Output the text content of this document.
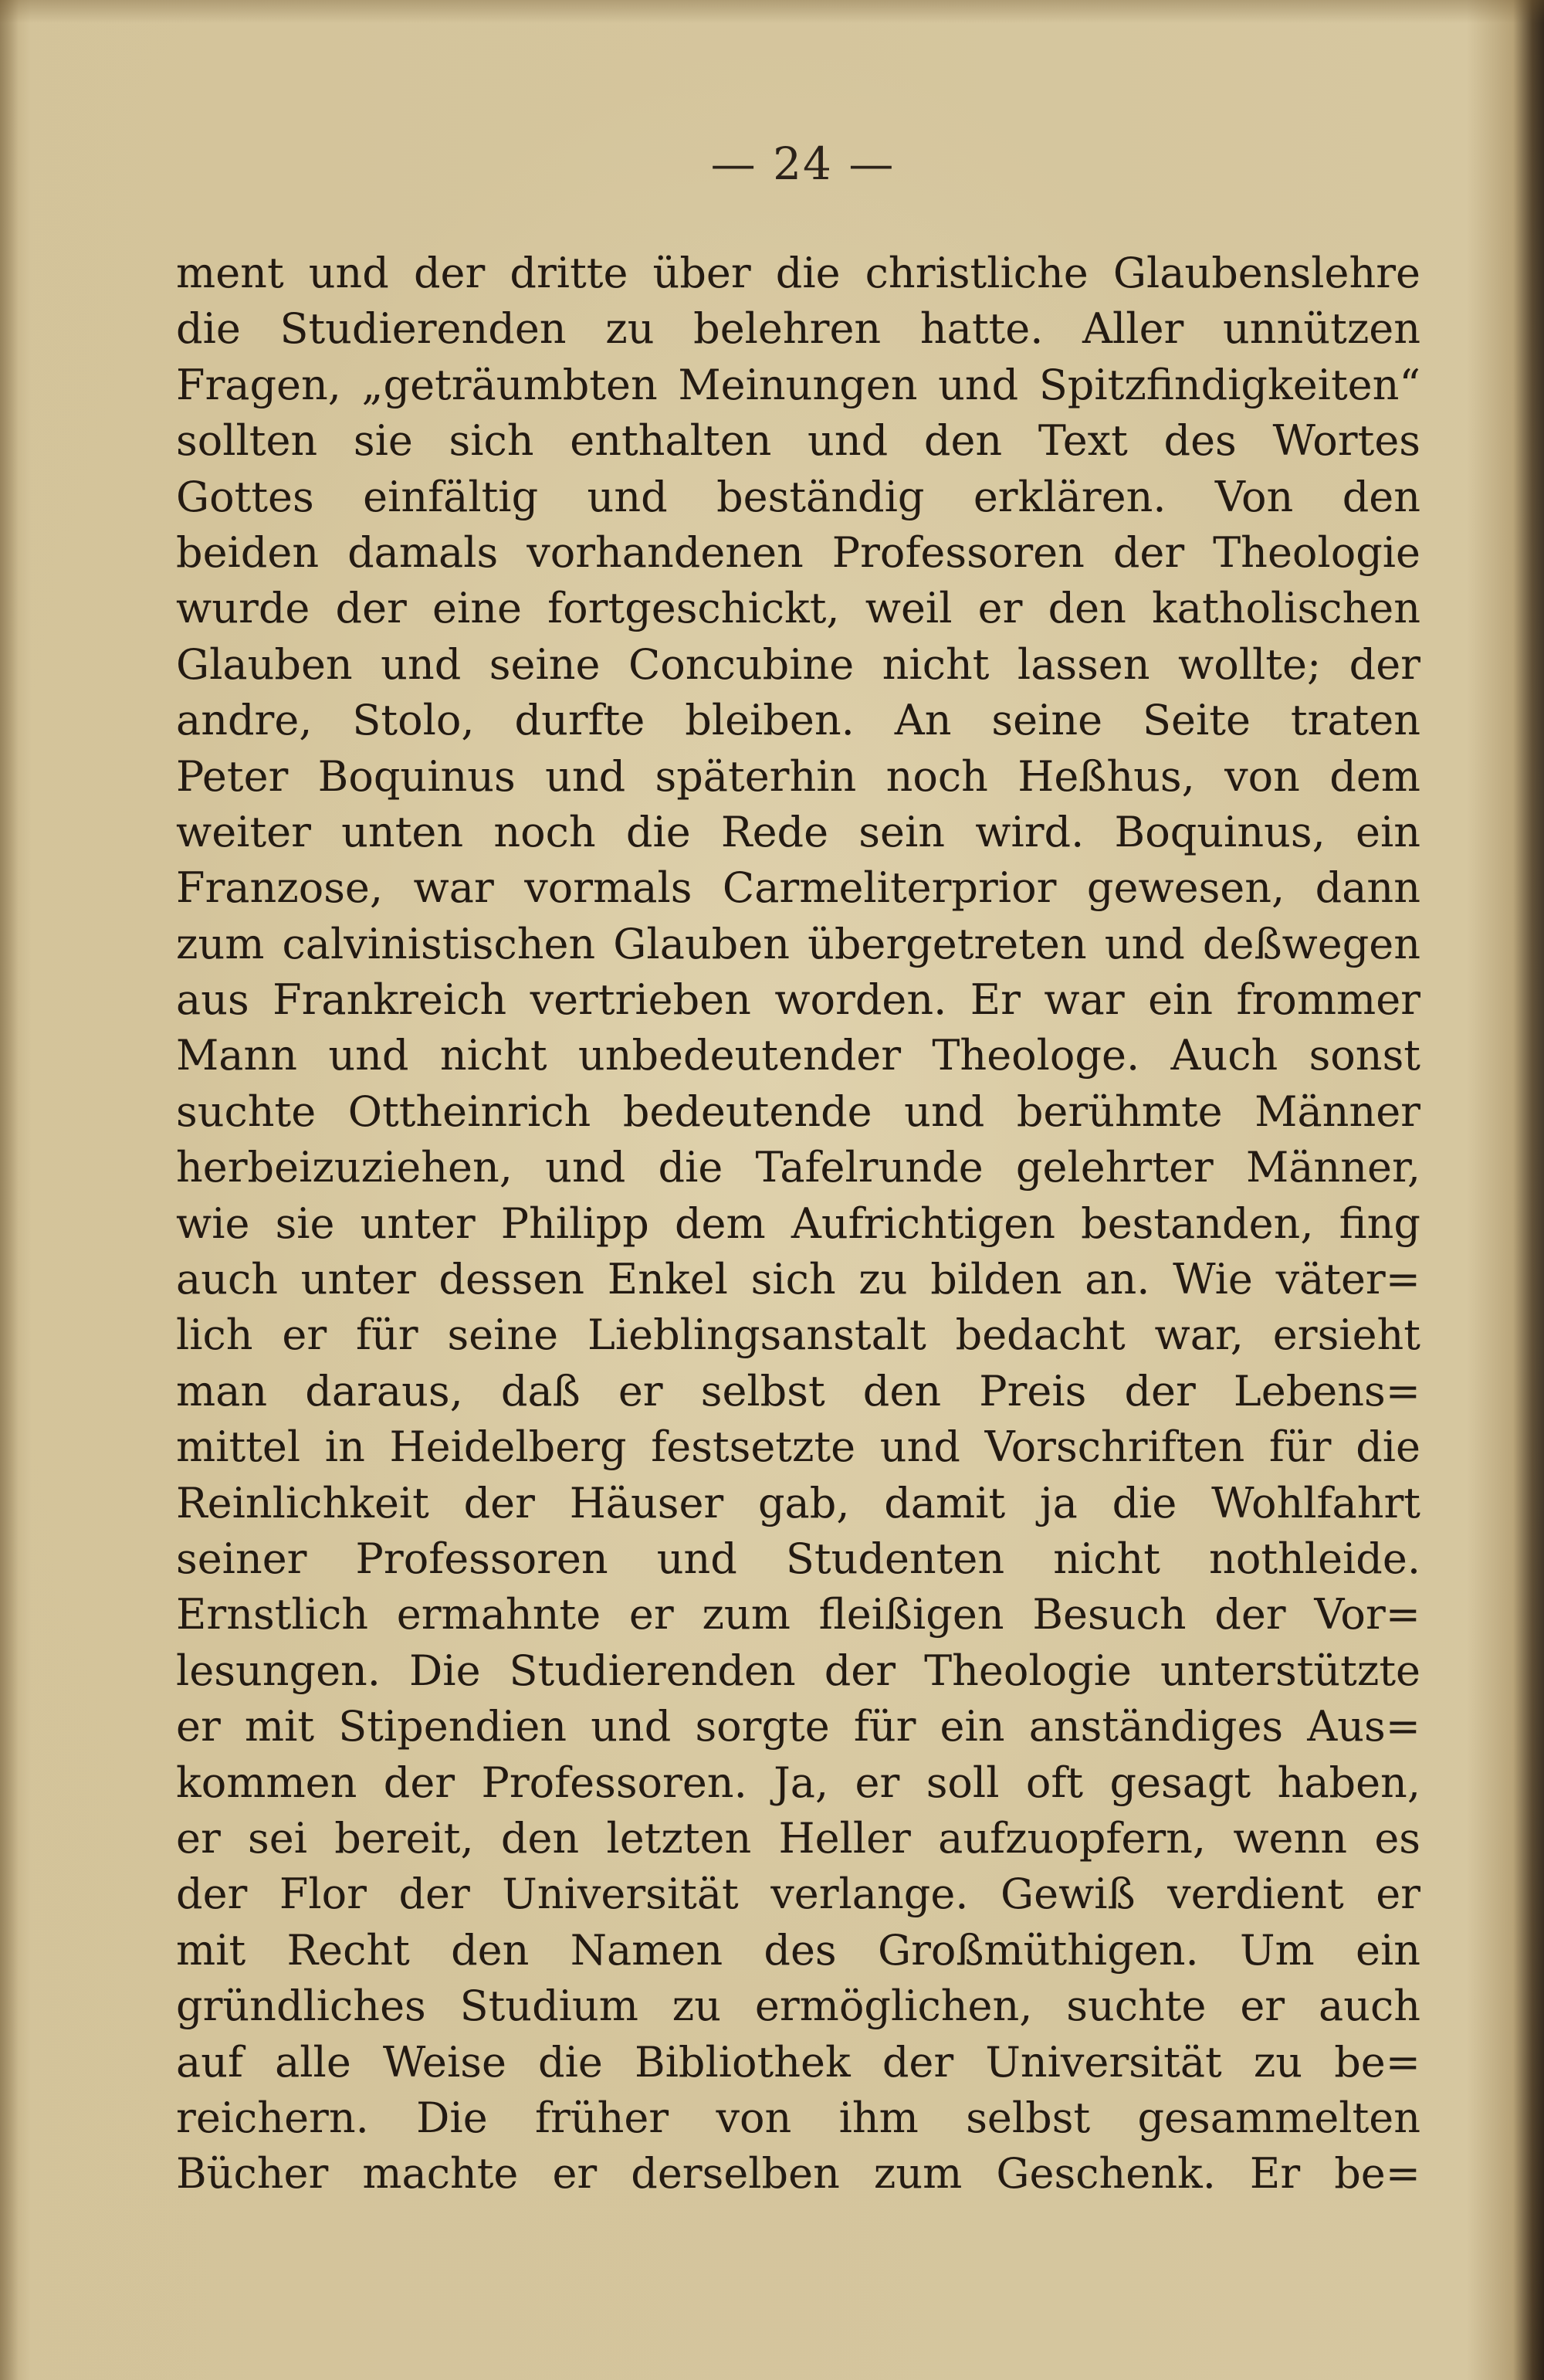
— 24 —
ment und der dritte über die christliche Glaubenslehre
die Studierenden zu belehren hatte. Aller unnützen
Fragen, „geträumbten Meinungen und Spitzfindigkeiten“
sollten sie sich enthalten und den Text des Wortes
Gottes einfältig und beständig erklären. Von den
beiden damals vorhandenen Professoren der Theologie
wurde der eine fortgeschickt, weil er den katholischen
Glauben und seine Concubine nicht lassen wollte; der
andre, Stolo, durfte bleiben. An seine Seite traten
Peter Boquinus und späterhin noch Heßhus, von dem
weiter unten noch die Rede sein wird. Boquinus, ein
Franzose, war vormals Carmeliterprior gewesen, dann
zum calvinistischen Glauben übergetreten und deßwegen
aus Frankreich vertrieben worden. Er war ein frommer
Mann und nicht unbedeutender Theologe. Auch sonst
suchte Ottheinrich bedeutende und berühmte Männer
herbeizuziehen, und die Tafelrunde gelehrter Männer,
wie sie unter Philipp dem Aufrichtigen bestanden, fing
auch unter dessen Enkel sich zu bilden an. Wie väter=
lich er für seine Lieblingsanstalt bedacht war, ersieht
man daraus, daß er selbst den Preis der Lebens=
mittel in Heidelberg festsetzte und Vorschriften für die
Reinlichkeit der Häuser gab, damit ja die Wohlfahrt
seiner Professoren und Studenten nicht nothleide.
Ernstlich ermahnte er zum fleißigen Besuch der Vor=
lesungen. Die Studierenden der Theologie unterstützte
er mit Stipendien und sorgte für ein anständiges Aus=
kommen der Professoren. Ja, er soll oft gesagt haben,
er sei bereit, den letzten Heller aufzuopfern, wenn es
der Flor der Universität verlange. Gewiß verdient er
mit Recht den Namen des Großmüthigen. Um ein
gründliches Studium zu ermöglichen, suchte er auch
auf alle Weise die Bibliothek der Universität zu be=
reichern. Die früher von ihm selbst gesammelten
Bücher machte er derselben zum Geschenk. Er be=
